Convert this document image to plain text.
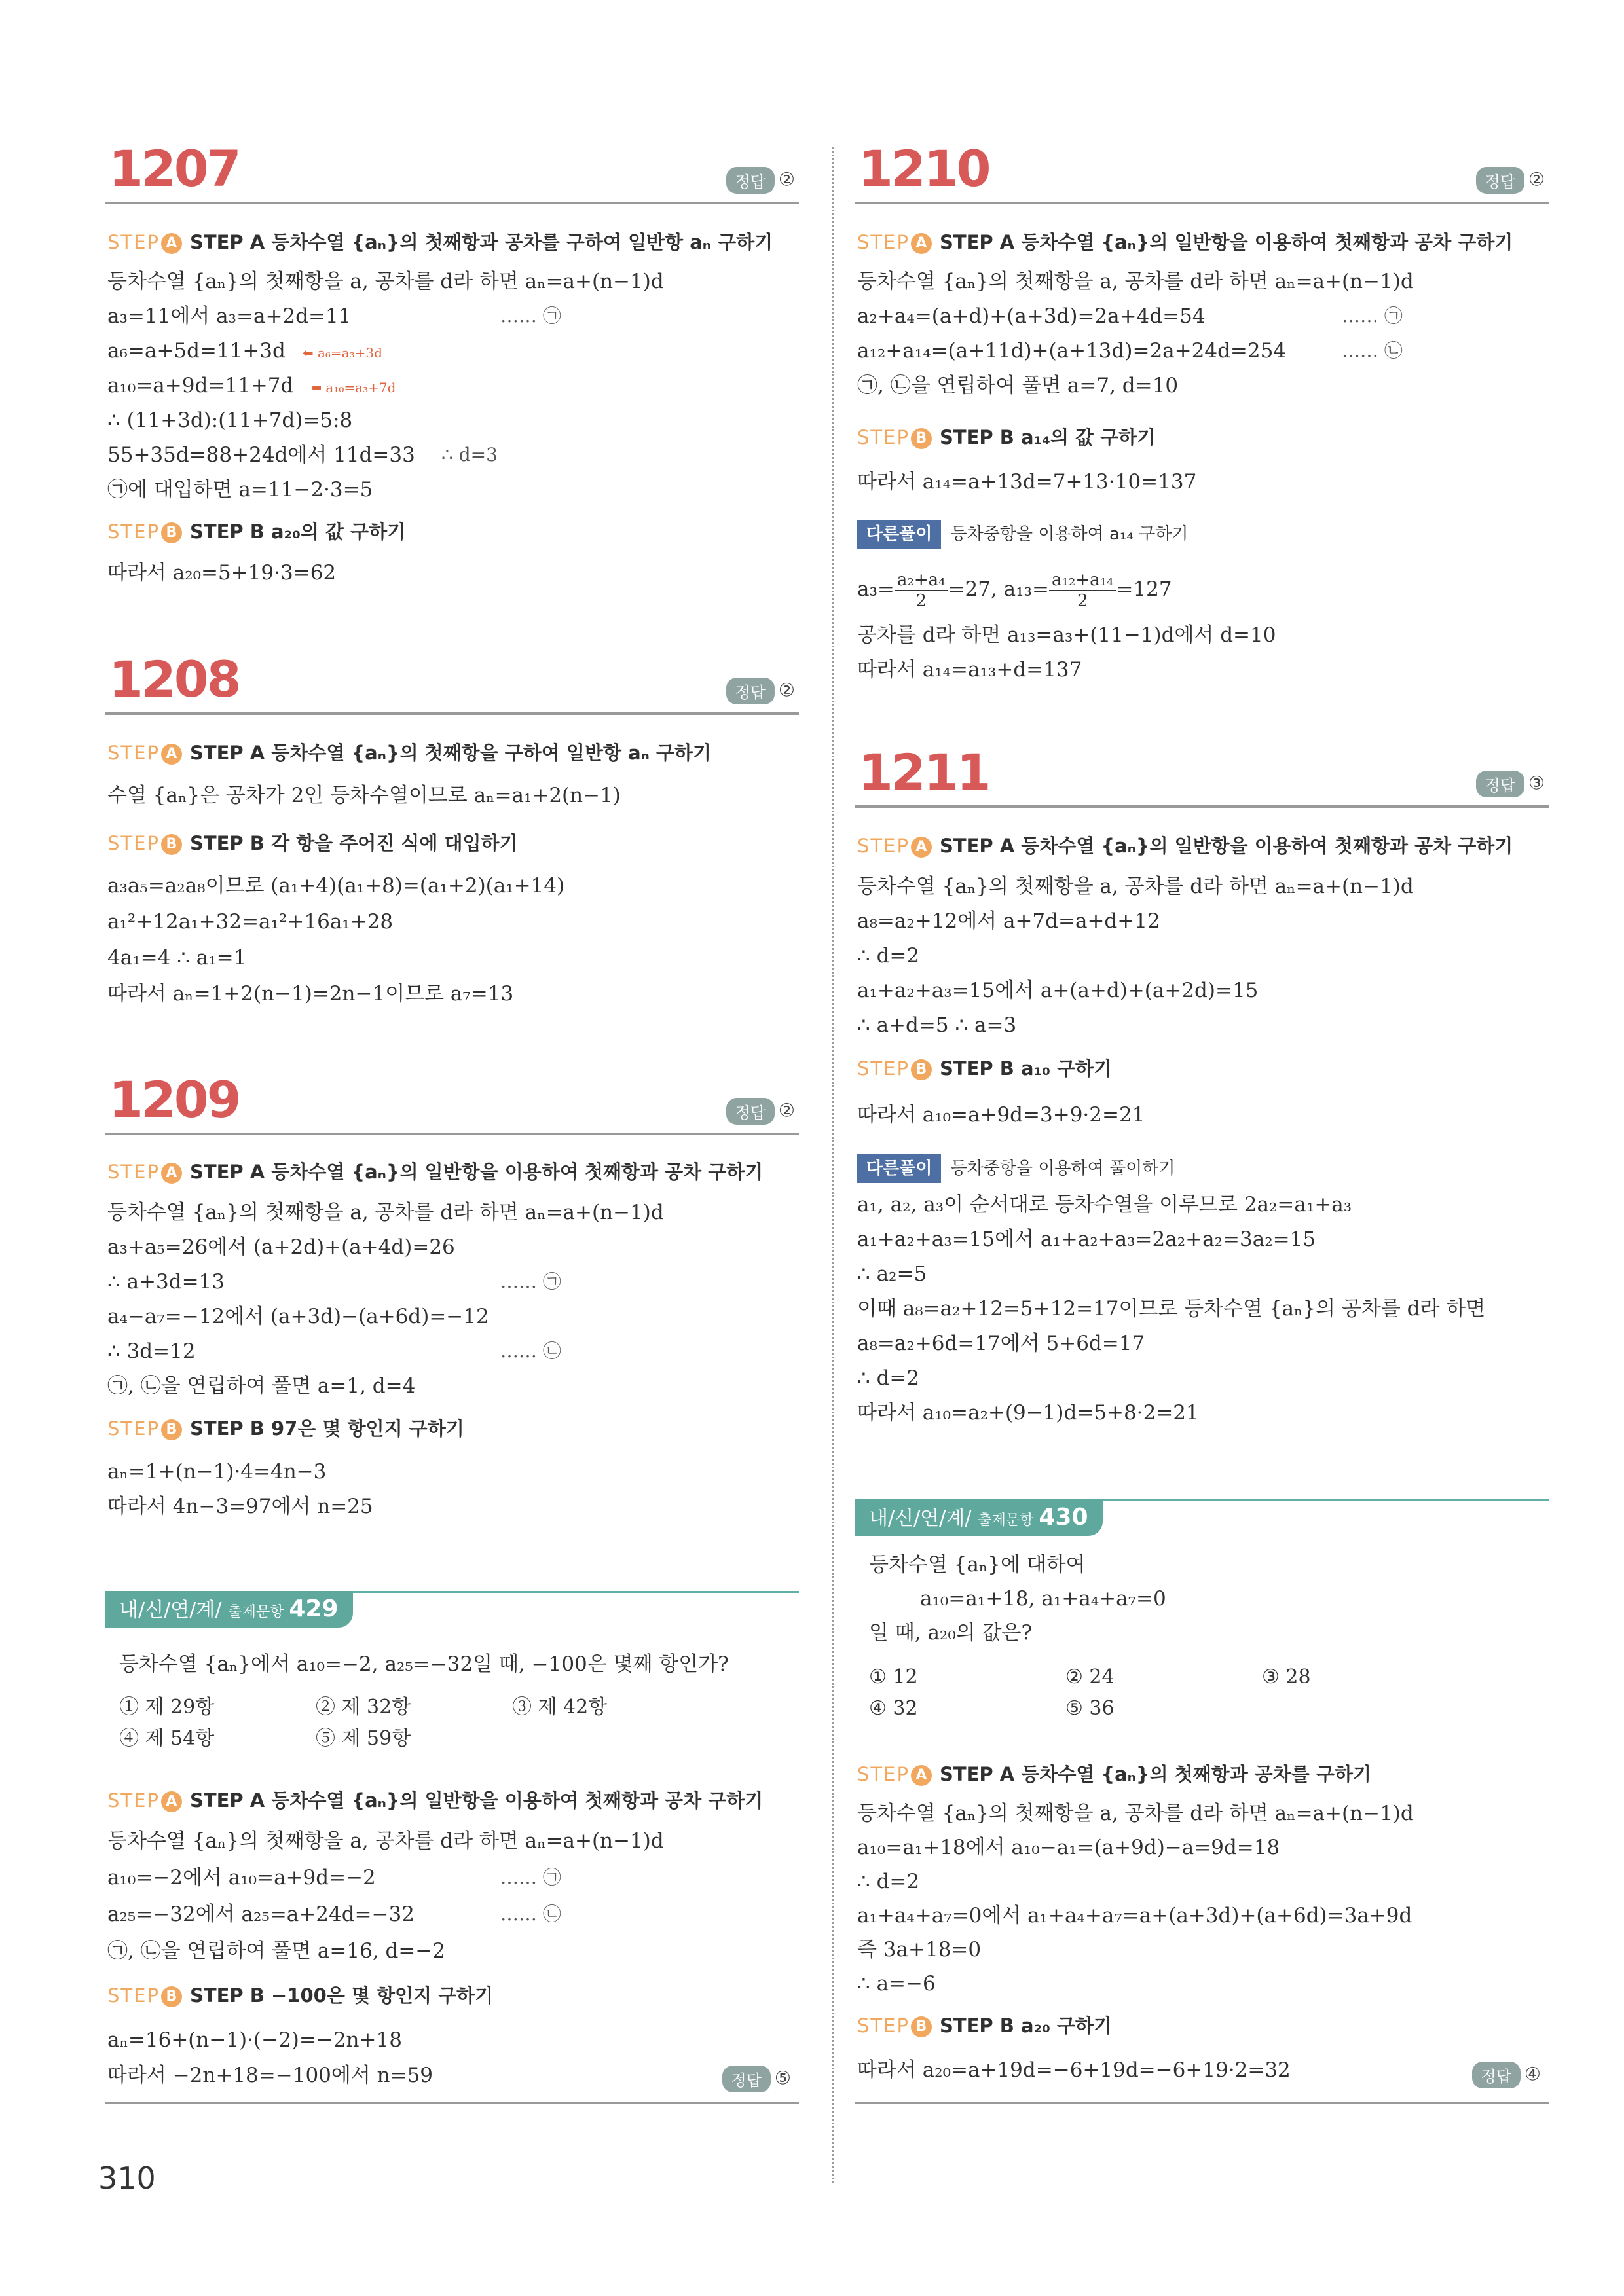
1207	정답 ②
STEP A STEP A 등차수열 {aₙ}의 첫째항과 공차를 구하여 일반항 aₙ 구하기
등차수열 {aₙ}의 첫째항을 a, 공차를 d라 하면 aₙ=a+(n−1)d
a₃=11에서 a₃=a+2d=11	…… ㉠
a₆=a+5d=11+3d ⬅ a₆=a₃+3d
a₁₀=a+9d=11+7d ⬅ a₁₀=a₃+7d
∴ (11+3d):(11+7d)=5:8
55+35d=88+24d에서 11d=33 ∴ d=3
㉠에 대입하면 a=11−2·3=5
STEP B STEP B a₂₀의 값 구하기
따라서 a₂₀=5+19·3=62
1208	정답 ②
STEP A STEP A 등차수열 {aₙ}의 첫째항을 구하여 일반항 aₙ 구하기
수열 {aₙ}은 공차가 2인 등차수열이므로 aₙ=a₁+2(n−1)
STEP B STEP B 각 항을 주어진 식에 대입하기
a₃a₅=a₂a₈이므로 (a₁+4)(a₁+8)=(a₁+2)(a₁+14)
a₁²+12a₁+32=a₁²+16a₁+28
4a₁=4 ∴ a₁=1
따라서 aₙ=1+2(n−1)=2n−1이므로 a₇=13
1209	정답 ②
STEP A STEP A 등차수열 {aₙ}의 일반항을 이용하여 첫째항과 공차 구하기
등차수열 {aₙ}의 첫째항을 a, 공차를 d라 하면 aₙ=a+(n−1)d
a₃+a₅=26에서 (a+2d)+(a+4d)=26
∴ a+3d=13	…… ㉠
a₄−a₇=−12에서 (a+3d)−(a+6d)=−12
∴ 3d=12	…… ㉡
㉠, ㉡을 연립하여 풀면 a=1, d=4
STEP B STEP B 97은 몇 항인지 구하기
aₙ=1+(n−1)·4=4n−3
따라서 4n−3=97에서 n=25
내/신/연/계/ 출제문항 429
등차수열 {aₙ}에서 a₁₀=−2, a₂₅=−32일 때, −100은 몇째 항인가?
① 제 29항	② 제 32항	③ 제 42항
④ 제 54항	⑤ 제 59항
STEP A STEP A 등차수열 {aₙ}의 일반항을 이용하여 첫째항과 공차 구하기
등차수열 {aₙ}의 첫째항을 a, 공차를 d라 하면 aₙ=a+(n−1)d
a₁₀=−2에서 a₁₀=a+9d=−2	…… ㉠
a₂₅=−32에서 a₂₅=a+24d=−32	…… ㉡
㉠, ㉡을 연립하여 풀면 a=16, d=−2
STEP B STEP B −100은 몇 항인지 구하기
aₙ=16+(n−1)·(−2)=−2n+18
따라서 −2n+18=−100에서 n=59	정답 ⑤
1210	정답 ②
STEP A STEP A 등차수열 {aₙ}의 일반항을 이용하여 첫째항과 공차 구하기
등차수열 {aₙ}의 첫째항을 a, 공차를 d라 하면 aₙ=a+(n−1)d
a₂+a₄=(a+d)+(a+3d)=2a+4d=54	…… ㉠
a₁₂+a₁₄=(a+11d)+(a+13d)=2a+24d=254	…… ㉡
㉠, ㉡을 연립하여 풀면 a=7, d=10
STEP B STEP B a₁₄의 값 구하기
따라서 a₁₄=a+13d=7+13·10=137
다른풀이 등차중항을 이용하여 a₁₄ 구하기
$a_3= \frac{\text{a₂+a₄}}{2} =27$, $a_{13}= \frac{\text{a₁₂+a₁₄}}{2} =127$
공차를 d라 하면 a₁₃=a₃+(11−1)d에서 d=10
따라서 a₁₄=a₁₃+d=137
1211	정답 ③
STEP A STEP A 등차수열 {aₙ}의 일반항을 이용하여 첫째항과 공차 구하기
등차수열 {aₙ}의 첫째항을 a, 공차를 d라 하면 aₙ=a+(n−1)d
a₈=a₂+12에서 a+7d=a+d+12
∴ d=2
a₁+a₂+a₃=15에서 a+(a+d)+(a+2d)=15
∴ a+d=5 ∴ a=3
STEP B STEP B a₁₀ 구하기
따라서 a₁₀=a+9d=3+9·2=21
다른풀이 등차중항을 이용하여 풀이하기
a₁, a₂, a₃이 순서대로 등차수열을 이루므로 2a₂=a₁+a₃
a₁+a₂+a₃=15에서 a₁+a₂+a₃=2a₂+a₂=3a₂=15
∴ a₂=5
이때 a₈=a₂+12=5+12=17이므로 등차수열 {aₙ}의 공차를 d라 하면
a₈=a₂+6d=17에서 5+6d=17
∴ d=2
따라서 a₁₀=a₂+(9−1)d=5+8·2=21
내/신/연/계/ 출제문항 430
등차수열 {aₙ}에 대하여
a₁₀=a₁+18, a₁+a₄+a₇=0
일 때, a₂₀의 값은?
① 12	② 24	③ 28
④ 32	⑤ 36
STEP A STEP A 등차수열 {aₙ}의 첫째항과 공차를 구하기
등차수열 {aₙ}의 첫째항을 a, 공차를 d라 하면 aₙ=a+(n−1)d
a₁₀=a₁+18에서 a₁₀−a₁=(a+9d)−a=9d=18
∴ d=2
a₁+a₄+a₇=0에서 a₁+a₄+a₇=a+(a+3d)+(a+6d)=3a+9d
즉 3a+18=0
∴ a=−6
STEP B STEP B a₂₀ 구하기
따라서 a₂₀=a+19d=−6+19d=−6+19·2=32	정답 ④
310
